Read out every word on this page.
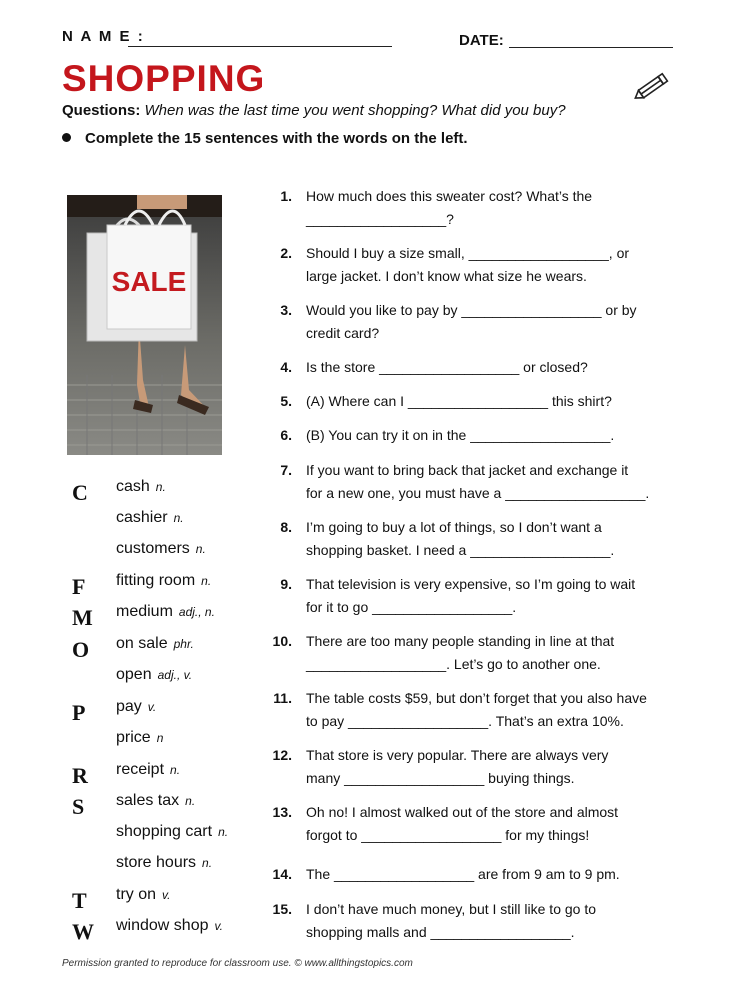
N A M E :	DATE:
SHOPPING
Questions: When was the last time you went shopping? What did you buy?
Complete the 15 sentences with the words on the left.
SALE
C cash n.
cashier n.
customers n.
F fitting room n.
M medium adj., n.
O on sale phr.
open adj., v.
P pay v.
price n
R receipt n.
S sales tax n.
shopping cart n.
store hours n.
T try on v.
W window shop v.
1. How much does this sweater cost? What’s the
__________________?
2. Should I buy a size small, __________________, or
large jacket. I don’t know what size he wears.
3. Would you like to pay by __________________ or by
credit card?
4. Is the store __________________ or closed?
5. (A) Where can I __________________ this shirt?
6. (B) You can try it on in the __________________.
7. If you want to bring back that jacket and exchange it
for a new one, you must have a __________________.
8. I’m going to buy a lot of things, so I don’t want a
shopping basket. I need a __________________.
9. That television is very expensive, so I’m going to wait
for it to go __________________.
10. There are too many people standing in line at that
__________________. Let’s go to another one.
11. The table costs $59, but don’t forget that you also have
to pay __________________. That’s an extra 10%.
12. That store is very popular. There are always very
many __________________ buying things.
13. Oh no! I almost walked out of the store and almost
forgot to __________________ for my things!
14. The __________________ are from 9 am to 9 pm.
15. I don’t have much money, but I still like to go to
shopping malls and __________________.
Permission granted to reproduce for classroom use. © www.allthingstopics.com
